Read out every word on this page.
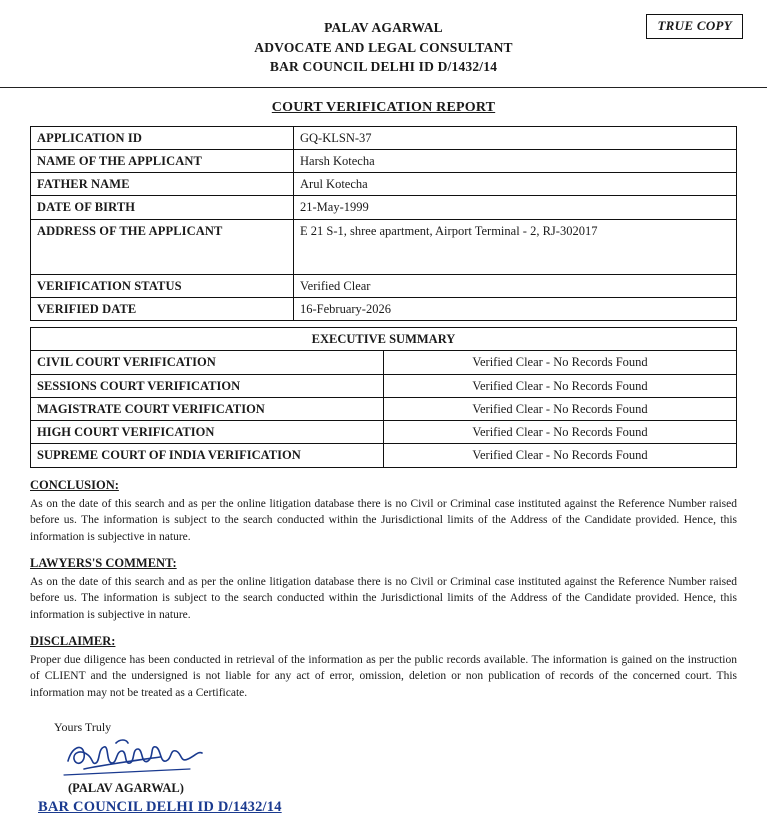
TRUE COPY
PALAV AGARWAL
ADVOCATE AND LEGAL CONSULTANT
BAR COUNCIL DELHI ID D/1432/14
COURT VERIFICATION REPORT
APPLICATION ID	GQ-KLSN-37
NAME OF THE APPLICANT	Harsh Kotecha
FATHER NAME	Arul Kotecha
DATE OF BIRTH	21-May-1999
ADDRESS OF THE APPLICANT	E 21 S-1, shree apartment, Airport Terminal - 2, RJ-302017
VERIFICATION STATUS	Verified Clear
VERIFIED DATE	16-February-2026
EXECUTIVE SUMMARY	
CIVIL COURT VERIFICATION	Verified Clear - No Records Found
SESSIONS COURT VERIFICATION	Verified Clear - No Records Found
MAGISTRATE COURT VERIFICATION	Verified Clear - No Records Found
HIGH COURT VERIFICATION	Verified Clear - No Records Found
SUPREME COURT OF INDIA VERIFICATION	Verified Clear - No Records Found
CONCLUSION:
As on the date of this search and as per the online litigation database there is no Civil or Criminal case instituted against the Reference Number raised before us. The information is subject to the search conducted within the Jurisdictional limits of the Address of the Candidate provided. Hence, this information is subjective in nature.
LAWYERS'S COMMENT:
As on the date of this search and as per the online litigation database there is no Civil or Criminal case instituted against the Reference Number raised before us. The information is subject to the search conducted within the Jurisdictional limits of the Address of the Candidate provided. Hence, this information is subjective in nature.
DISCLAIMER:
Proper due diligence has been conducted in retrieval of the information as per the public records available. The information is gained on the instruction of CLIENT and the undersigned is not liable for any act of error, omission, deletion or non publication of records of the concerned court. This information may not be treated as a Certificate.
Yours Truly
(PALAV AGARWAL)
BAR COUNCIL DELHI ID D/1432/14
